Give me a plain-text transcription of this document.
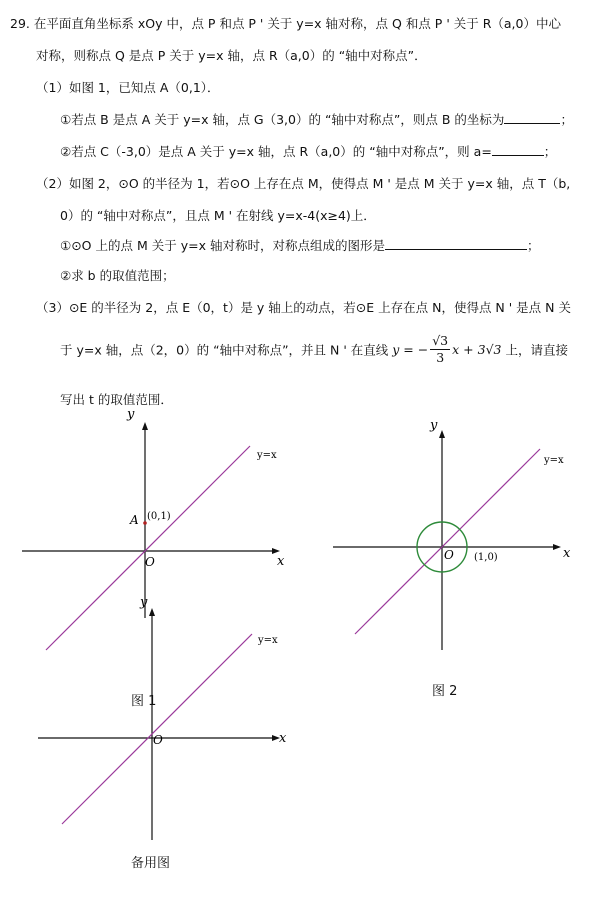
29. 在平面直角坐标系 xOy 中，点 P 和点 P ' 关于 y=x 轴对称，点 Q 和点 P ' 关于 R（a,0）中心
对称，则称点 Q 是点 P 关于 y=x 轴，点 R（a,0）的 “轴中对称点”．
（1）如图 1，已知点 A（0,1）．
①若点 B 是点 A 关于 y=x 轴，点 G（3,0）的 “轴中对称点”，则点 B 的坐标为	；
②若点 C（-3,0）是点 A 关于 y=x 轴，点 R（a,0）的 “轴中对称点”，则 a=	；
（2）如图 2，⊙O 的半径为 1，若⊙O 上存在点 M，使得点 M ' 是点 M 关于 y=x 轴，点 T（b,
0）的 “轴中对称点”，且点 M ' 在射线 y=x-4(x≥4)上．
①⊙O 上的点 M 关于 y=x 轴对称时，对称点组成的图形是	；
②求 b 的取值范围；
（3）⊙E 的半径为 2，点 E（0，t）是 y 轴上的动点，若⊙E 上存在点 N，使得点 N ' 是点 N 关
于 y=x 轴，点（2，0）的 “轴中对称点”，并且 N ' 在直线 y = − $\frac{√3}{3}$ x + 3√3 上，请直接
写出 t 的取值范围．
y
x
O
y=x
A (0,1)
y
x
O
y=x
(1,0)
y
x
O
y=x
图 1
图 2
备用图
